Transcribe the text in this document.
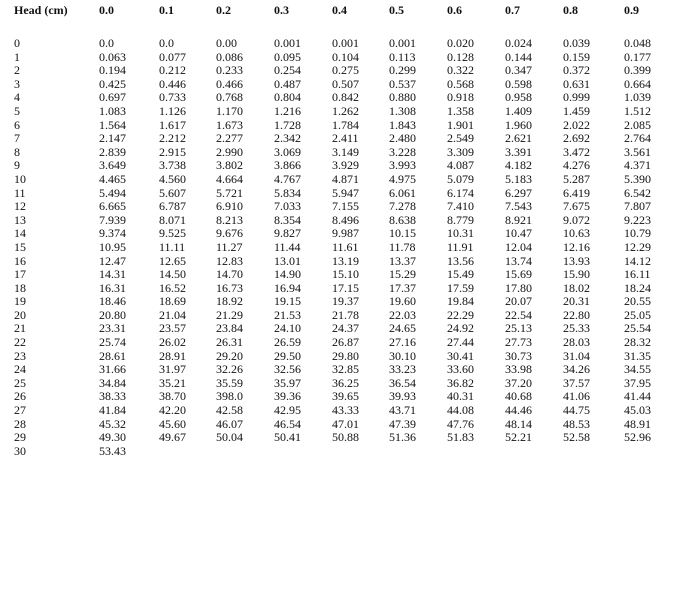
Head (cm)	0.0	0.1	0.2	0.3	0.4	0.5	0.6	0.7	0.8	0.9

0	0.0	0.0	0.00	0.001	0.001	0.001	0.020	0.024	0.039	0.048
1	0.063	0.077	0.086	0.095	0.104	0.113	0.128	0.144	0.159	0.177
2	0.194	0.212	0.233	0.254	0.275	0.299	0.322	0.347	0.372	0.399
3	0.425	0.446	0.466	0.487	0.507	0.537	0.568	0.598	0.631	0.664
4	0.697	0.733	0.768	0.804	0.842	0.880	0.918	0.958	0.999	1.039
5	1.083	1.126	1.170	1.216	1.262	1.308	1.358	1.409	1.459	1.512
6	1.564	1.617	1.673	1.728	1.784	1.843	1.901	1.960	2.022	2.085
7	2.147	2.212	2.277	2.342	2.411	2.480	2.549	2.621	2.692	2.764
8	2.839	2.915	2.990	3.069	3.149	3.228	3.309	3.391	3.472	3.561
9	3.649	3.738	3.802	3.866	3.929	3.993	4.087	4.182	4.276	4.371
10	4.465	4.560	4.664	4.767	4.871	4.975	5.079	5.183	5.287	5.390
11	5.494	5.607	5.721	5.834	5.947	6.061	6.174	6.297	6.419	6.542
12	6.665	6.787	6.910	7.033	7.155	7.278	7.410	7.543	7.675	7.807
13	7.939	8.071	8.213	8.354	8.496	8.638	8.779	8.921	9.072	9.223
14	9.374	9.525	9.676	9.827	9.987	10.15	10.31	10.47	10.63	10.79
15	10.95	11.11	11.27	11.44	11.61	11.78	11.91	12.04	12.16	12.29
16	12.47	12.65	12.83	13.01	13.19	13.37	13.56	13.74	13.93	14.12
17	14.31	14.50	14.70	14.90	15.10	15.29	15.49	15.69	15.90	16.11
18	16.31	16.52	16.73	16.94	17.15	17.37	17.59	17.80	18.02	18.24
19	18.46	18.69	18.92	19.15	19.37	19.60	19.84	20.07	20.31	20.55
20	20.80	21.04	21.29	21.53	21.78	22.03	22.29	22.54	22.80	25.05
21	23.31	23.57	23.84	24.10	24.37	24.65	24.92	25.13	25.33	25.54
22	25.74	26.02	26.31	26.59	26.87	27.16	27.44	27.73	28.03	28.32
23	28.61	28.91	29.20	29.50	29.80	30.10	30.41	30.73	31.04	31.35
24	31.66	31.97	32.26	32.56	32.85	33.23	33.60	33.98	34.26	34.55
25	34.84	35.21	35.59	35.97	36.25	36.54	36.82	37.20	37.57	37.95
26	38.33	38.70	398.0	39.36	39.65	39.93	40.31	40.68	41.06	41.44
27	41.84	42.20	42.58	42.95	43.33	43.71	44.08	44.46	44.75	45.03
28	45.32	45.60	46.07	46.54	47.01	47.39	47.76	48.14	48.53	48.91
29	49.30	49.67	50.04	50.41	50.88	51.36	51.83	52.21	52.58	52.96
30	53.43									
